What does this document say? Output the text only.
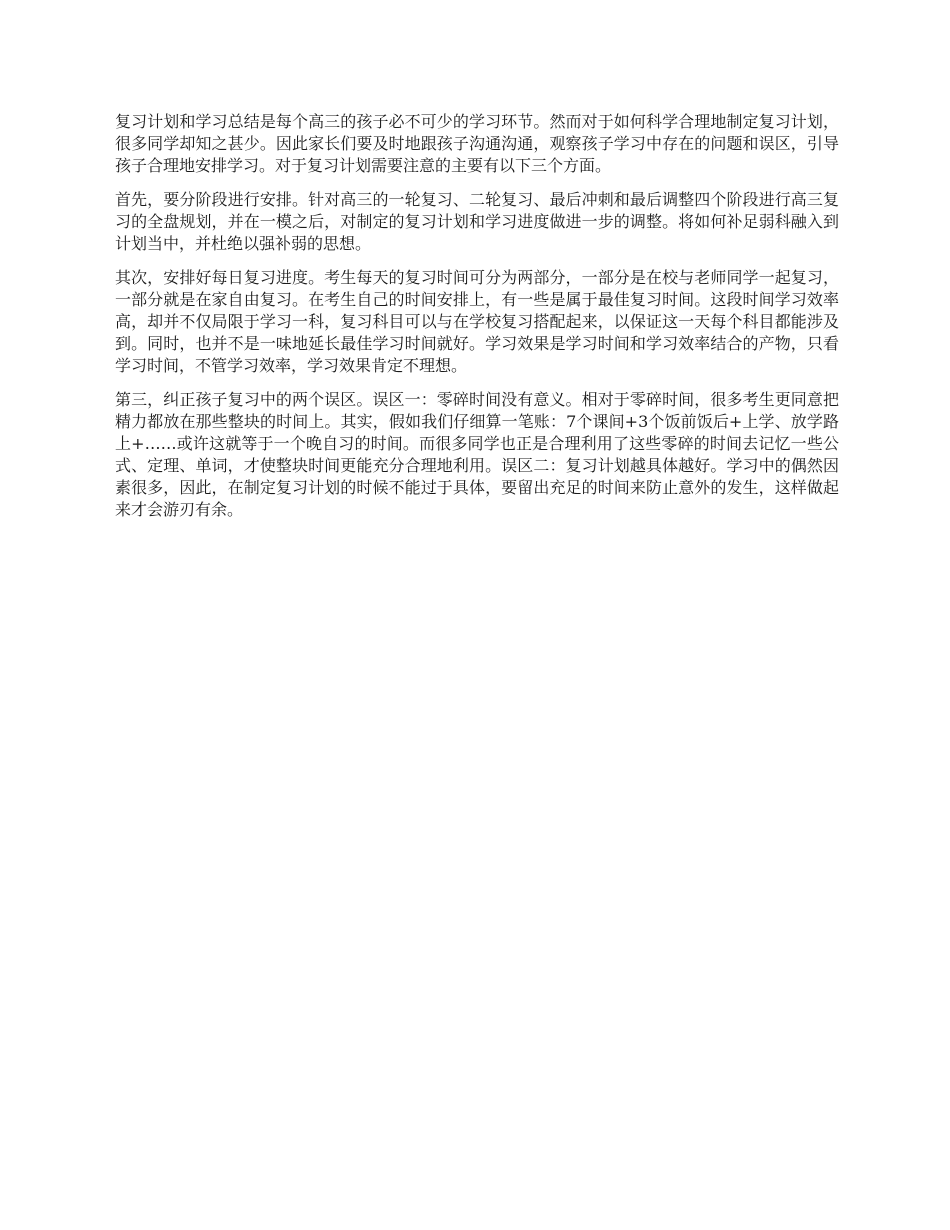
复习计划和学习总结是每个高三的孩子必不可少的学习环节。然而对于如何科学合理地制定复习计划，很多同学却知之甚少。因此家长们要及时地跟孩子沟通沟通，观察孩子学习中存在的问题和误区，引导孩子合理地安排学习。对于复习计划需要注意的主要有以下三个方面。

首先，要分阶段进行安排。针对高三的一轮复习、二轮复习、最后冲刺和最后调整四个阶段进行高三复习的全盘规划，并在一模之后，对制定的复习计划和学习进度做进一步的调整。将如何补足弱科融入到计划当中，并杜绝以强补弱的思想。

其次，安排好每日复习进度。考生每天的复习时间可分为两部分，一部分是在校与老师同学一起复习，一部分就是在家自由复习。在考生自己的时间安排上，有一些是属于最佳复习时间。这段时间学习效率高，却并不仅局限于学习一科，复习科目可以与在学校复习搭配起来，以保证这一天每个科目都能涉及到。同时，也并不是一味地延长最佳学习时间就好。学习效果是学习时间和学习效率结合的产物，只看学习时间，不管学习效率，学习效果肯定不理想。

第三，纠正孩子复习中的两个误区。误区一：零碎时间没有意义。相对于零碎时间，很多考生更同意把精力都放在那些整块的时间上。其实，假如我们仔细算一笔账：7个课间+3个饭前饭后+上学、放学路上+……或许这就等于一个晚自习的时间。而很多同学也正是合理利用了这些零碎的时间去记忆一些公式、定理、单词，才使整块时间更能充分合理地利用。误区二：复习计划越具体越好。学习中的偶然因素很多，因此，在制定复习计划的时候不能过于具体，要留出充足的时间来防止意外的发生，这样做起来才会游刃有余。
